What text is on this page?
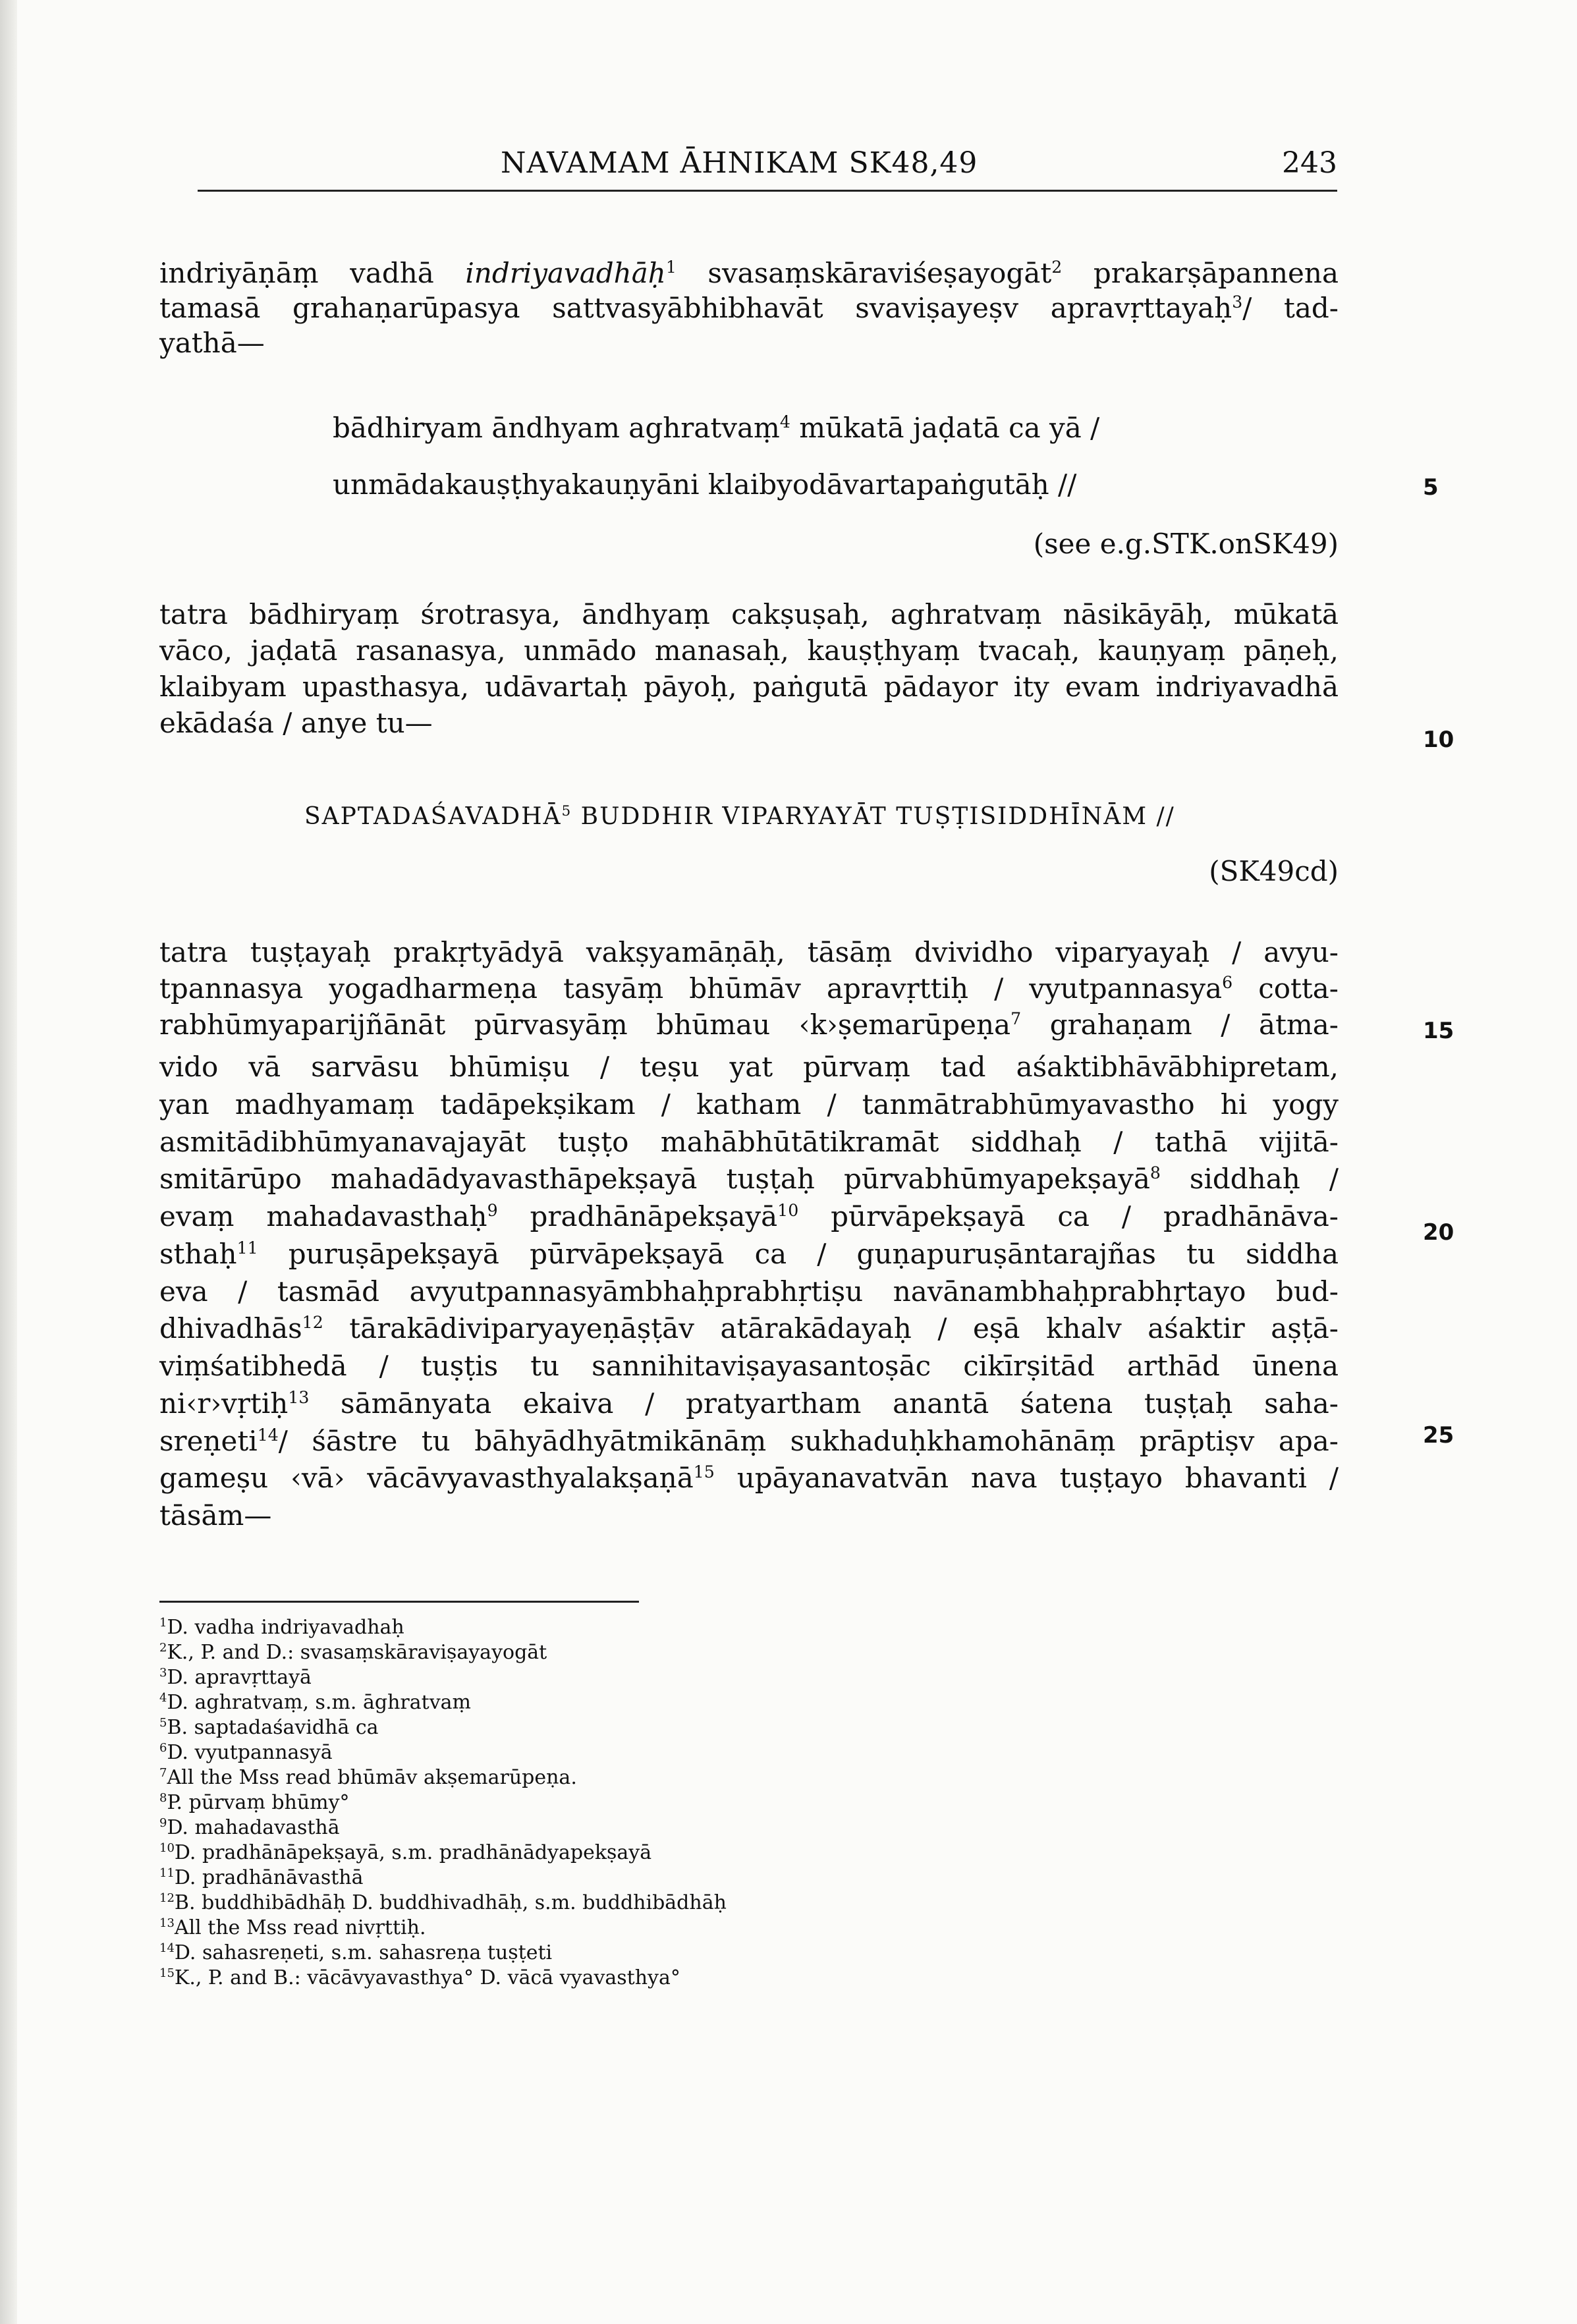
NAVAMAM ĀHNIKAM SK48,49	243
indriyāṇāṃ vadhā indriyavadhāḥ$^1$ svasaṃskāraviśeṣayogāt$^2$ prakarṣāpannena
tamasā grahaṇarūpasya sattvasyābhibhavāt svaviṣayeṣv apravṛttayaḥ$^3$/ tad-
yathā—
bādhiryam āndhyam aghratvaṃ$^4$ mūkatā jaḍatā ca yā /
unmādakauṣṭhyakauṇyāni klaibyodāvartapaṅgutāḥ //	5
(see e.g.STK.onSK49)
tatra bādhiryaṃ śrotrasya, āndhyaṃ cakṣuṣaḥ, aghratvaṃ nāsikāyāḥ, mūkatā
vāco, jaḍatā rasanasya, unmādo manasaḥ, kauṣṭhyaṃ tvacaḥ, kauṇyaṃ pāṇeḥ,
klaibyam upasthasya, udāvartaḥ pāyoḥ, paṅgutā pādayor ity evam indriyavadhā
ekādaśa / anye tu—
10
SAPTADAŚAVADHĀ$^5$ BUDDHIR VIPARYAYĀT TUṢṬISIDDHĪNĀM //
(SK49cd)
tatra tuṣṭayaḥ prakṛtyādyā vakṣyamāṇāḥ, tāsāṃ dvividho viparyayaḥ / avyu-
tpannasya yogadharmeṇa tasyāṃ bhūmāv apravṛttiḥ / vyutpannasya$^6$ cotta-
rabhūmyaparijñānāt pūrvasyāṃ bhūmau ‹k›ṣemarūpeṇa$^7$ grahaṇam / ātma-	15
vido vā sarvāsu bhūmiṣu / teṣu yat pūrvaṃ tad aśaktibhāvābhipretam,
yan madhyamaṃ tadāpekṣikam / katham / tanmātrabhūmyavastho hi yogy
asmitādibhūmyanavajayāt tuṣṭo mahābhūtātikramāt siddhaḥ / tathā vijitā-
smitārūpo mahadādyavasthāpekṣayā tuṣṭaḥ pūrvabhūmyapekṣayā$^8$ siddhaḥ /
evaṃ mahadavasthaḥ$^9$ pradhānāpekṣayā$^{10}$ pūrvāpekṣayā ca / pradhānāva-	20
sthaḥ$^{11}$ puruṣāpekṣayā pūrvāpekṣayā ca / guṇapuruṣāntarajñas tu siddha
eva / tasmād avyutpannasyāmbhaḥprabhṛtiṣu navānambhaḥprabhṛtayo bud-
dhivadhās$^{12}$ tārakādiviparyayeṇāṣṭāv atārakādayaḥ / eṣā khalv aśaktir aṣṭā-
viṃśatibhedā / tuṣṭis tu sannihitaviṣayasantoṣāc cikīrṣitād arthād ūnena
ni‹r›vṛtiḥ$^{13}$ sāmānyata ekaiva / pratyartham anantā śatena tuṣṭaḥ saha-
25
sreṇeti$^{14}$/ śāstre tu bāhyādhyātmikānāṃ sukhaduḥkhamohānāṃ prāptiṣv apa-
gameṣu ‹vā› vācāvyavasthyalakṣaṇā$^{15}$ upāyanavatvān nava tuṣṭayo bhavanti /
tāsām—
$^1$D. vadha indriyavadhaḥ
$^2$K., P. and D.: svasaṃskāraviṣayayogāt
$^3$D. apravṛttayā
$^4$D. aghratvaṃ, s.m. āghratvaṃ
$^5$B. saptadaśavidhā ca
$^6$D. vyutpannasyā
$^7$All the Mss read bhūmāv akṣemarūpeṇa.
$^8$P. pūrvaṃ bhūmy°
$^9$D. mahadavasthā
$^{10}$D. pradhānāpekṣayā, s.m. pradhānādyapekṣayā
$^{11}$D. pradhānāvasthā
$^{12}$B. buddhibādhāḥ D. buddhivadhāḥ, s.m. buddhibādhāḥ
$^{13}$All the Mss read nivṛttiḥ.
$^{14}$D. sahasreṇeti, s.m. sahasreṇa tuṣṭeti
$^{15}$K., P. and B.: vācāvyavasthya° D. vācā vyavasthya°
